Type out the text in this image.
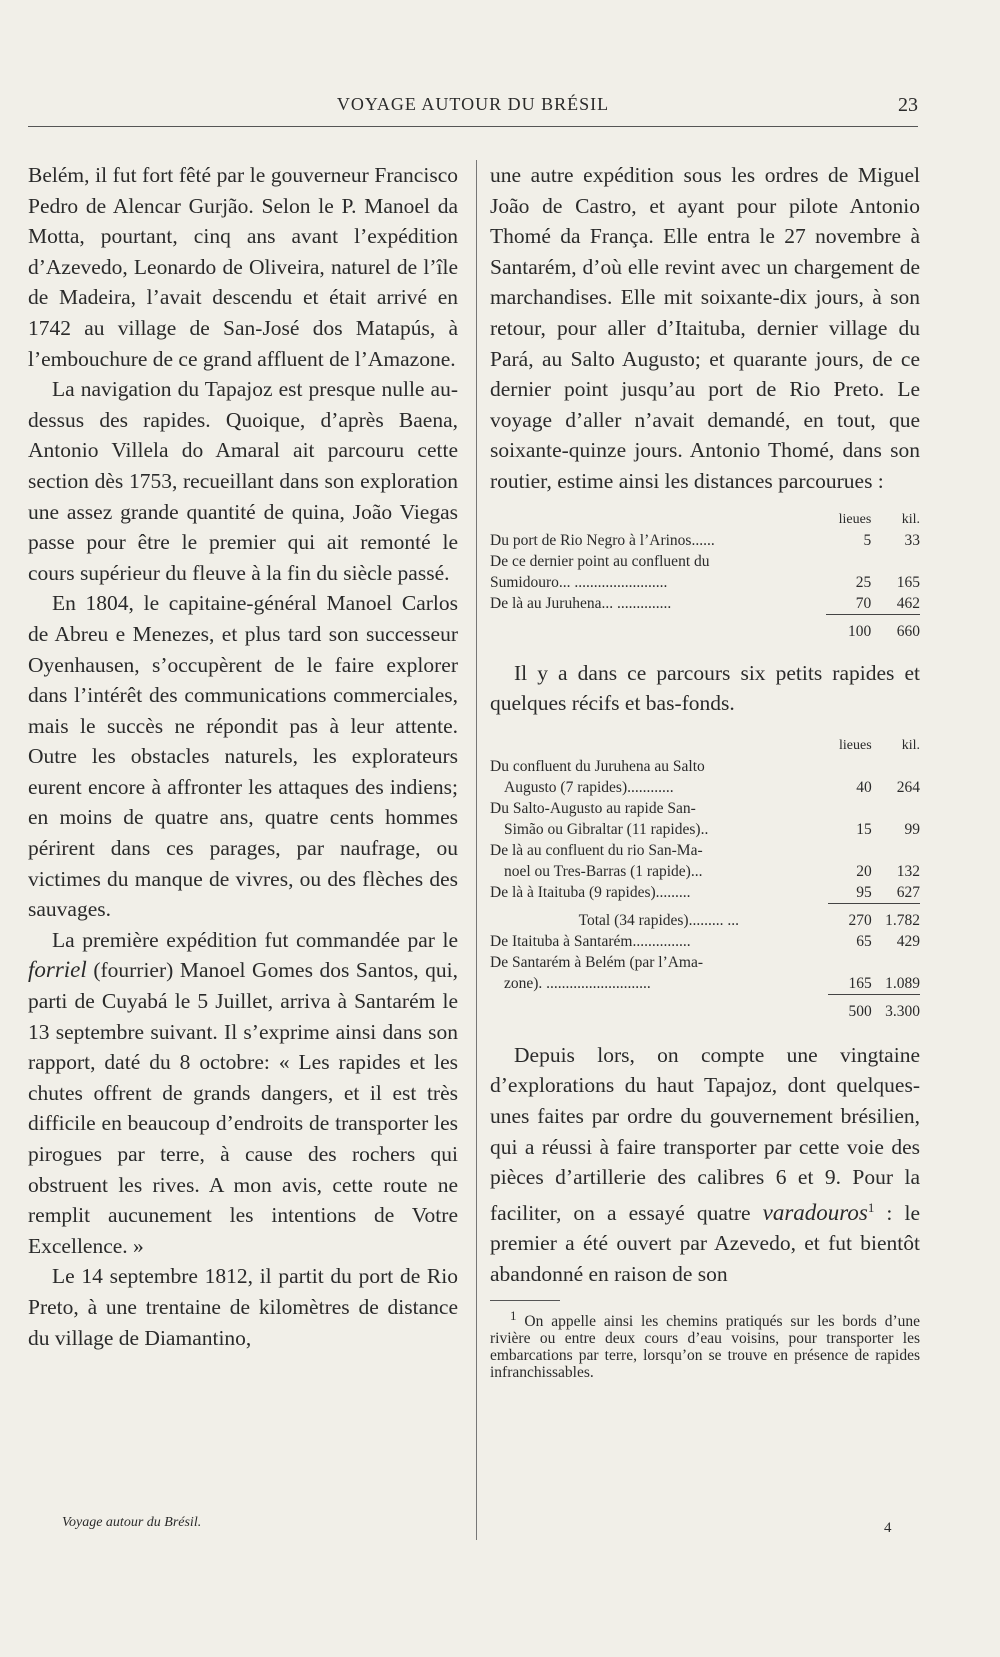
VOYAGE AUTOUR DU BRÉSIL	23

Belém, il fut fort fêté par le gouverneur Francisco Pedro de Alencar Gurjão. Selon le P. Manoel da Motta, pourtant, cinq ans avant l’expédition d’Azevedo, Leonardo de Oliveira, naturel de l’île de Madeira, l’avait descendu et était arrivé en 1742 au village de San-José dos Matapús, à l’embouchure de ce grand affluent de l’Amazone.

La navigation du Tapajoz est presque nulle au-dessus des rapides. Quoique, d’après Baena, Antonio Villela do Amaral ait parcouru cette section dès 1753, recueillant dans son exploration une assez grande quantité de quina, João Viegas passe pour être le premier qui ait remonté le cours supérieur du fleuve à la fin du siècle passé.

En 1804, le capitaine-général Manoel Carlos de Abreu e Menezes, et plus tard son successeur Oyenhausen, s’occupèrent de le faire explorer dans l’intérêt des communications commerciales, mais le succès ne répondit pas à leur attente. Outre les obstacles naturels, les explorateurs eurent encore à affronter les attaques des indiens; en moins de quatre ans, quatre cents hommes périrent dans ces parages, par naufrage, ou victimes du manque de vivres, ou des flèches des sauvages.

La première expédition fut commandée par le forriel (fourrier) Manoel Gomes dos Santos, qui, parti de Cuyabá le 5 Juillet, arriva à Santarém le 13 septembre suivant. Il s’exprime ainsi dans son rapport, daté du 8 octobre: « Les rapides et les chutes offrent de grands dangers, et il est très difficile en beaucoup d’endroits de transporter les pirogues par terre, à cause des rochers qui obstruent les rives. A mon avis, cette route ne remplit aucunement les intentions de Votre Excellence. »

Le 14 septembre 1812, il partit du port de Rio Preto, à une trentaine de kilomètres de distance du village de Diamantino,

une autre expédition sous les ordres de Miguel João de Castro, et ayant pour pilote Antonio Thomé da França. Elle entra le 27 novembre à Santarém, d’où elle revint avec un chargement de marchandises. Elle mit soixante-dix jours, à son retour, pour aller d’Itaituba, dernier village du Pará, au Salto Augusto; et quarante jours, de ce dernier point jusqu’au port de Rio Preto. Le voyage d’aller n’avait demandé, en tout, que soixante-quinze jours. Antonio Thomé, dans son routier, estime ainsi les distances parcourues :

	lieues	kil.
Du port de Rio Negro à l’Arinos......	5	33
De ce dernier point au confluent du		
Sumidouro... ........................	25	165
De là au Juruhena... ..............	70	462
	100	660

Il y a dans ce parcours six petits rapides et quelques récifs et bas-fonds.

	lieues	kil.
Du confluent du Juruhena au Salto		
Augusto (7 rapides)............	40	264
Du Salto-Augusto au rapide San-		
Simão ou Gibraltar (11 rapides)..	15	99
De là au confluent du rio San-Ma-		
noel ou Tres-Barras (1 rapide)...	20	132
De là à Itaituba (9 rapides).........	95	627
Total (34 rapides)......... ...	270	1.782
De Itaituba à Santarém...............	65	429
De Santarém à Belém (par l’Ama-		
zone). ...........................	165	1.089
	500	3.300

Depuis lors, on compte une vingtaine d’explorations du haut Tapajoz, dont quelques-unes faites par ordre du gouvernement brésilien, qui a réussi à faire transporter par cette voie des pièces d’artillerie des calibres 6 et 9. Pour la faciliter, on a essayé quatre varadouros$^1$ : le premier a été ouvert par Azevedo, et fut bientôt abandonné en raison de son

$^1$ On appelle ainsi les chemins pratiqués sur les bords d’une rivière ou entre deux cours d’eau voisins, pour transporter les embarcations par terre, lorsqu’on se trouve en présence de rapides infranchissables.

Voyage autour du Brésil.	4
